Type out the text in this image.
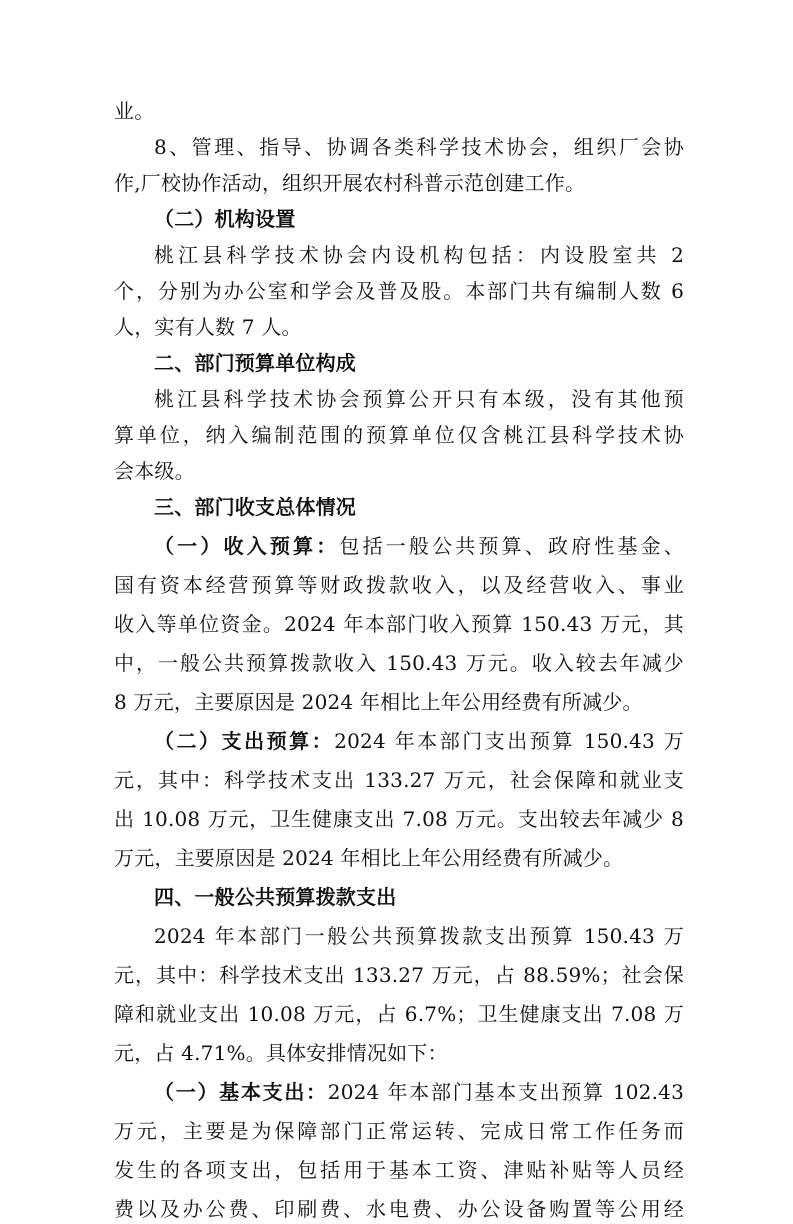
业。
8、管理、指导、协调各类科学技术协会，组织厂会协
作,厂校协作活动，组织开展农村科普示范创建工作。
（二）机构设置
桃江县科学技术协会内设机构包括：内设股室共 2
个，分别为办公室和学会及普及股。本部门共有编制人数 6
人，实有人数 7 人。
二、部门预算单位构成
桃江县科学技术协会预算公开只有本级，没有其他预
算单位，纳入编制范围的预算单位仅含桃江县科学技术协
会本级。
三、部门收支总体情况
（一）收入预算：包括一般公共预算、政府性基金、
国有资本经营预算等财政拨款收入，以及经营收入、事业
收入等单位资金。2024 年本部门收入预算 150.43 万元，其
中，一般公共预算拨款收入 150.43 万元。收入较去年减少
8 万元，主要原因是 2024 年相比上年公用经费有所减少。
（二）支出预算：2024 年本部门支出预算 150.43 万
元，其中：科学技术支出 133.27 万元，社会保障和就业支
出 10.08 万元，卫生健康支出 7.08 万元。支出较去年减少 8
万元，主要原因是 2024 年相比上年公用经费有所减少。
四、一般公共预算拨款支出
2024 年本部门一般公共预算拨款支出预算 150.43 万
元，其中：科学技术支出 133.27 万元，占 88.59%；社会保
障和就业支出 10.08 万元，占 6.7%；卫生健康支出 7.08 万
元，占 4.71%。具体安排情况如下：
（一）基本支出：2024 年本部门基本支出预算 102.43
万元，主要是为保障部门正常运转、完成日常工作任务而
发生的各项支出，包括用于基本工资、津贴补贴等人员经
费以及办公费、印刷费、水电费、办公设备购置等公用经
